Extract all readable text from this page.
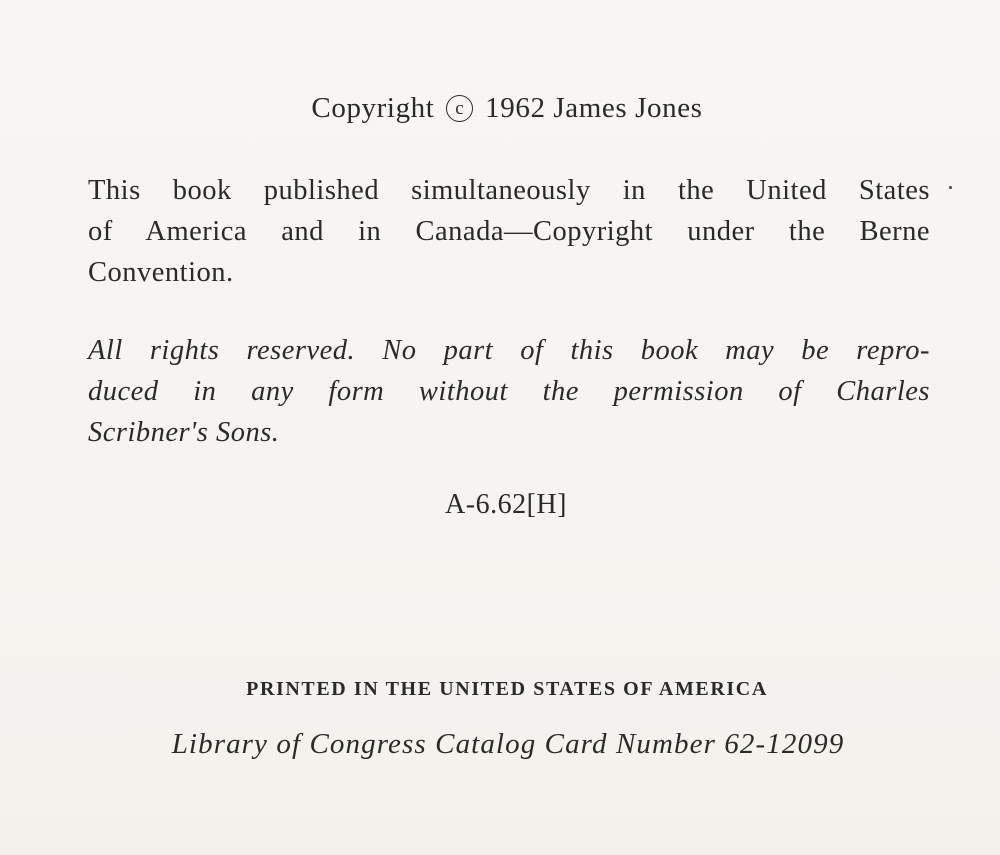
Copyright c 1962 James Jones

This book published simultaneously in the United States
of America and in Canada—Copyright under the Berne
Convention.

All rights reserved. No part of this book may be repro-
duced in any form without the permission of Charles
Scribner's Sons.

A-6.62[H]

PRINTED IN THE UNITED STATES OF AMERICA

Library of Congress Catalog Card Number 62-12099
